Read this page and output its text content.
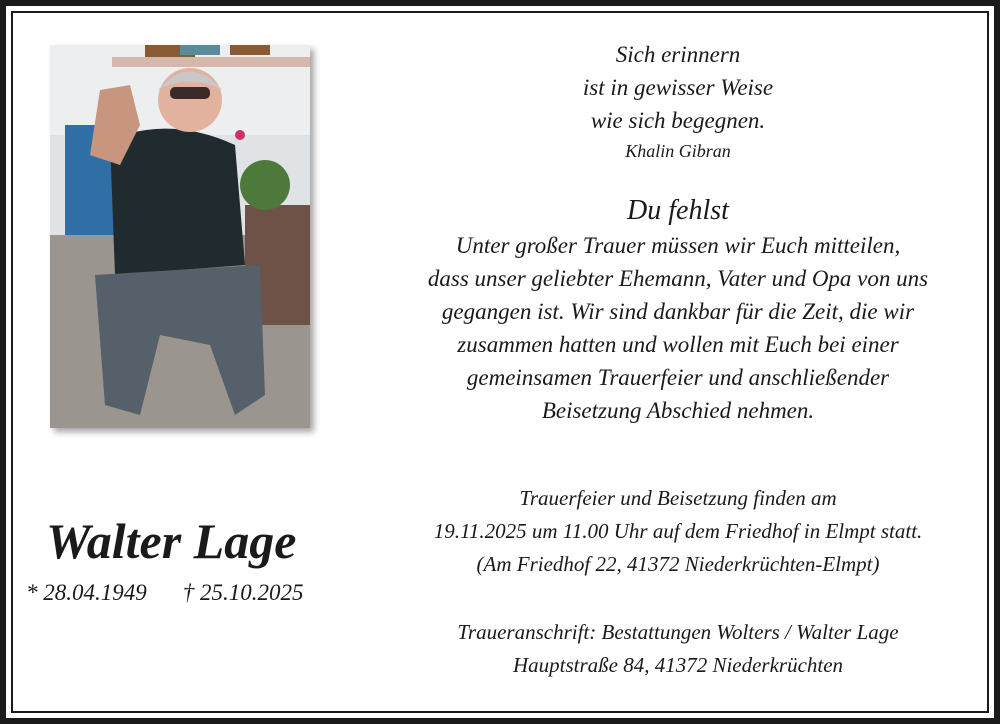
Sich erinnern
ist in gewisser Weise
wie sich begegnen.
Khalin Gibran
Du fehlst
Unter großer Trauer müssen wir Euch mitteilen,
dass unser geliebter Ehemann, Vater und Opa von uns
gegangen ist. Wir sind dankbar für die Zeit, die wir
zusammen hatten und wollen mit Euch bei einer
gemeinsamen Trauerfeier und anschließender
Beisetzung Abschied nehmen.
Trauerfeier und Beisetzung finden am
19.11.2025 um 11.00 Uhr auf dem Friedhof in Elmpt statt.
(Am Friedhof 22, 41372 Niederkrüchten-Elmpt)
Traueranschrift: Bestattungen Wolters / Walter Lage
Hauptstraße 84, 41372 Niederkrüchten
Walter Lage
* 28.04.1949 † 25.10.2025
